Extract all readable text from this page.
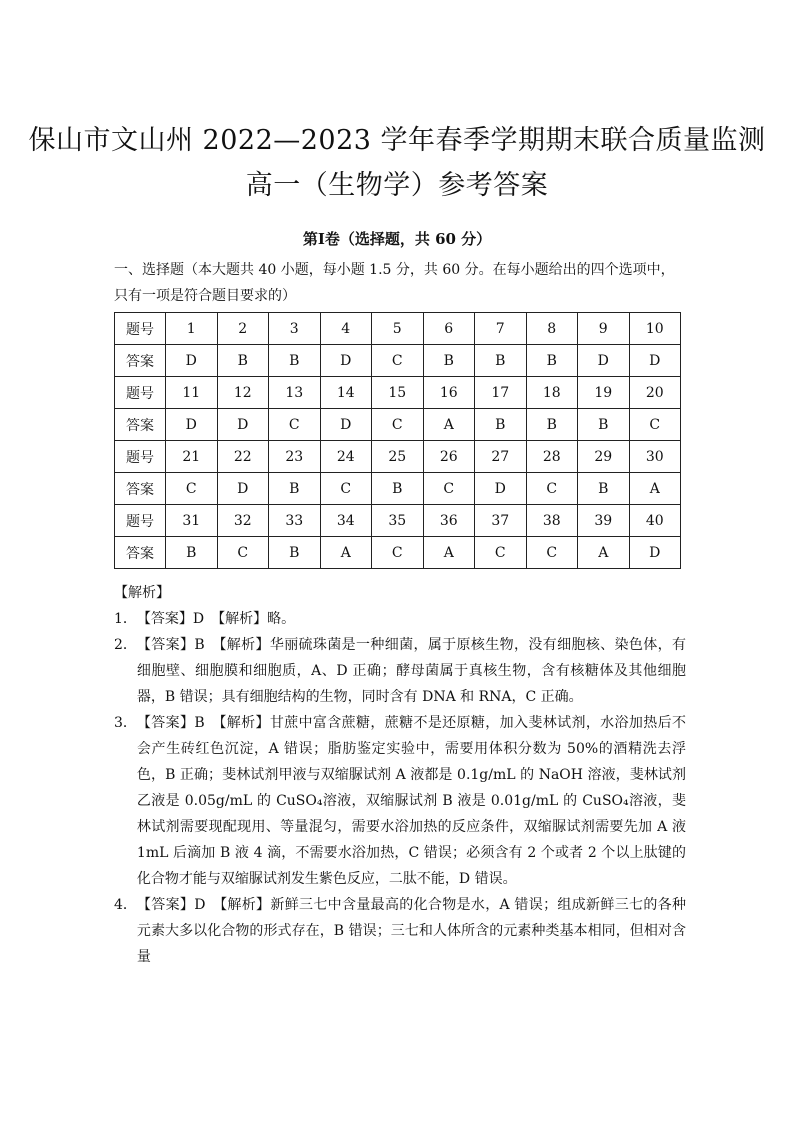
保山市文山州 2022—2023 学年春季学期期末联合质量监测
高一（生物学）参考答案
第Ⅰ卷（选择题，共 60 分）
一、选择题（本大题共 40 小题，每小题 1.5 分，共 60 分。在每小题给出的四个选项中，只有一项是符合题目要求的）
题号	1	2	3	4	5	6	7	8	9	10
答案	D	B	B	D	C	B	B	B	D	D
题号	11	12	13	14	15	16	17	18	19	20
答案	D	D	C	D	C	A	B	B	B	C
题号	21	22	23	24	25	26	27	28	29	30
答案	C	D	B	C	B	C	D	C	B	A
题号	31	32	33	34	35	36	37	38	39	40
答案	B	C	B	A	C	A	C	C	A	D

【解析】

1． 【答案】D　【解析】略。
2． 【答案】B　【解析】华丽硫珠菌是一种细菌，属于原核生物，没有细胞核、染色体，有细胞壁、细胞膜和细胞质，A、D 正确；酵母菌属于真核生物，含有核糖体及其他细胞器，B 错误；具有细胞结构的生物，同时含有 DNA 和 RNA，C 正确。
3． 【答案】B　【解析】甘蔗中富含蔗糖，蔗糖不是还原糖，加入斐林试剂，水浴加热后不会产生砖红色沉淀，A 错误；脂肪鉴定实验中，需要用体积分数为 50%的酒精洗去浮色，B 正确；斐林试剂甲液与双缩脲试剂 A 液都是 0.1g/mL 的 NaOH 溶液，斐林试剂乙液是 0.05g/mL 的 CuSO₄溶液，双缩脲试剂 B 液是 0.01g/mL 的 CuSO₄溶液，斐林试剂需要现配现用、等量混匀，需要水浴加热的反应条件，双缩脲试剂需要先加 A 液 1mL 后滴加 B 液 4 滴，不需要水浴加热，C 错误；必须含有 2 个或者 2 个以上肽键的化合物才能与双缩脲试剂发生紫色反应，二肽不能，D 错误。
4． 【答案】D　【解析】新鲜三七中含量最高的化合物是水，A 错误；组成新鲜三七的各种元素大多以化合物的形式存在，B 错误；三七和人体所含的元素种类基本相同，但相对含量
